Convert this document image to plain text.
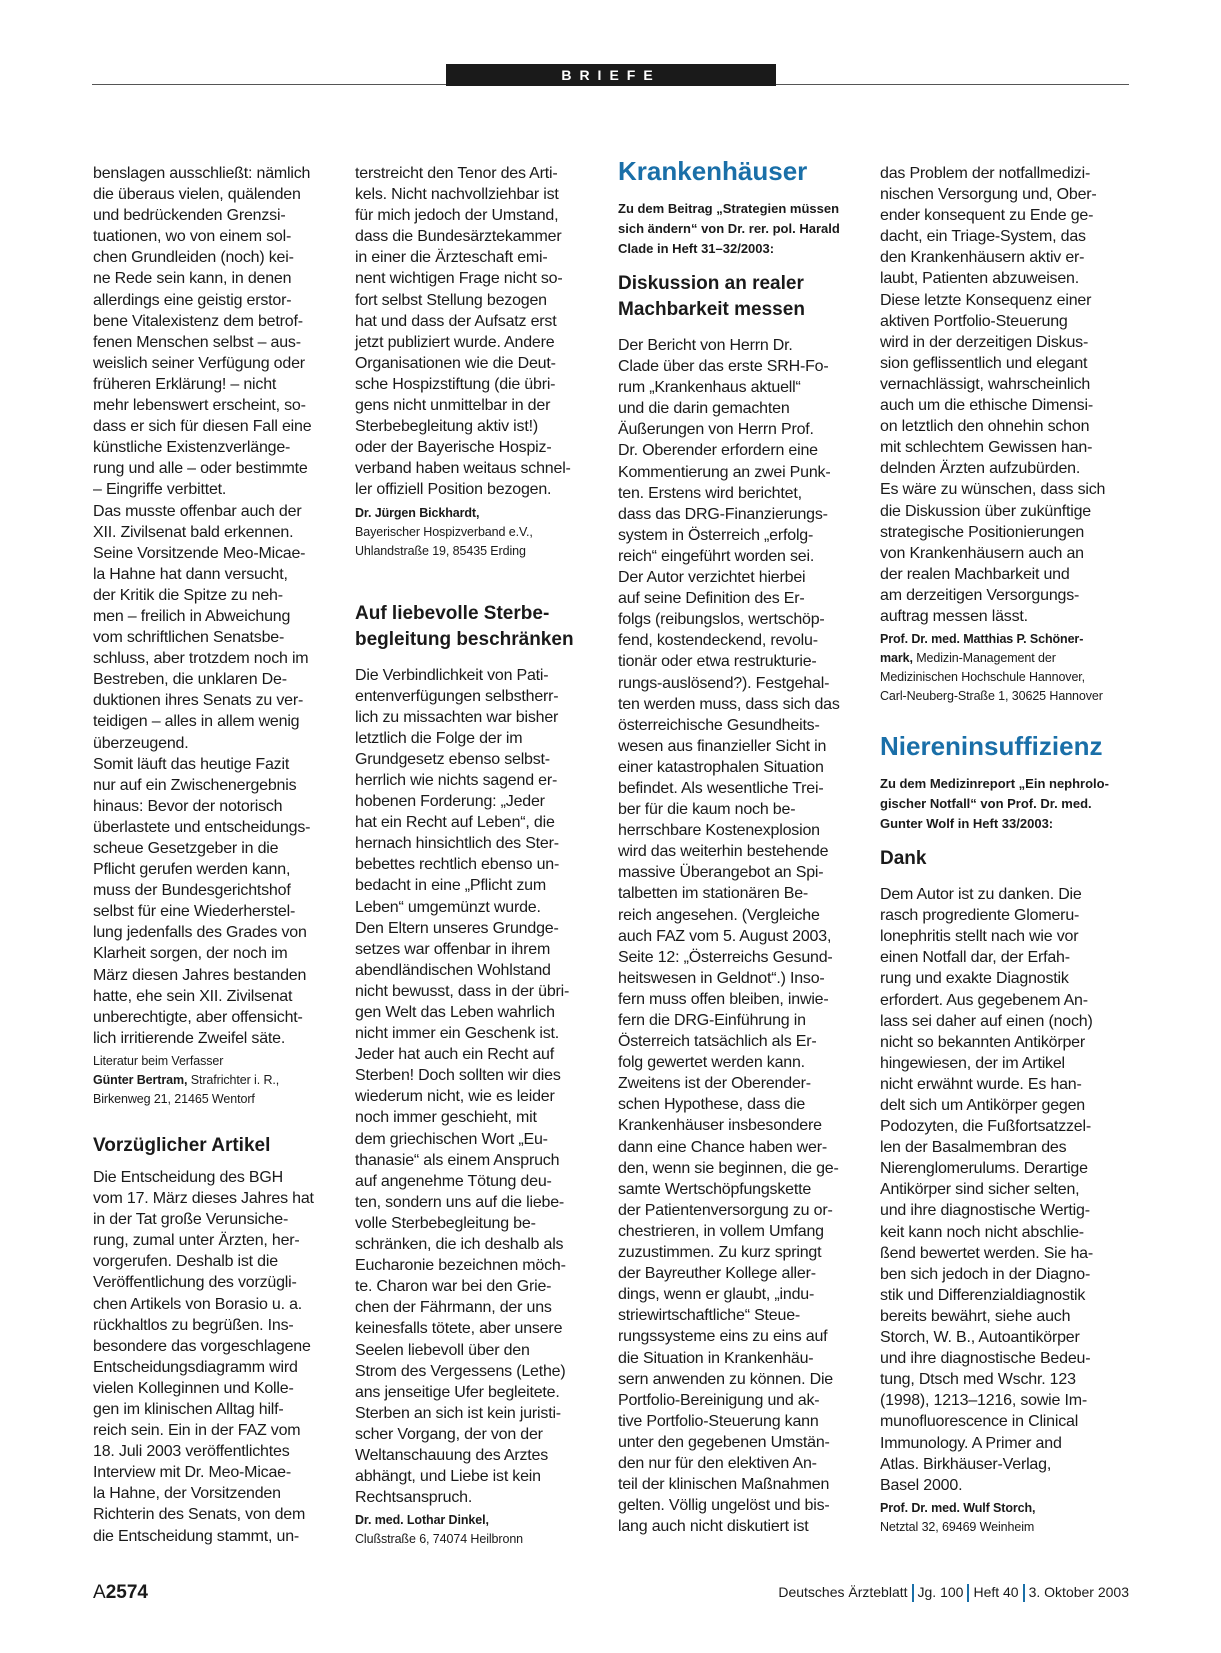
BRIEFE
benslagen ausschließt: nämlich
die überaus vielen, quälenden
und bedrückenden Grenzsi-
tuationen, wo von einem sol-
chen Grundleiden (noch) kei-
ne Rede sein kann, in denen
allerdings eine geistig erstor-
bene Vitalexistenz dem betrof-
fenen Menschen selbst – aus-
weislich seiner Verfügung oder
früheren Erklärung! – nicht
mehr lebenswert erscheint, so-
dass er sich für diesen Fall eine
künstliche Existenzverlänge-
rung und alle – oder bestimmte
– Eingriffe verbittet.
Das musste offenbar auch der
XII. Zivilsenat bald erkennen.
Seine Vorsitzende Meo-Micae-
la Hahne hat dann versucht,
der Kritik die Spitze zu neh-
men – freilich in Abweichung
vom schriftlichen Senatsbe-
schluss, aber trotzdem noch im
Bestreben, die unklaren De-
duktionen ihres Senats zu ver-
teidigen – alles in allem wenig
überzeugend.
Somit läuft das heutige Fazit
nur auf ein Zwischenergebnis
hinaus: Bevor der notorisch
überlastete und entscheidungs-
scheue Gesetzgeber in die
Pflicht gerufen werden kann,
muss der Bundesgerichtshof
selbst für eine Wiederherstel-
lung jedenfalls des Grades von
Klarheit sorgen, der noch im
März diesen Jahres bestanden
hatte, ehe sein XII. Zivilsenat
unberechtigte, aber offensicht-
lich irritierende Zweifel säte.
Literatur beim Verfasser
Günter Bertram, Strafrichter i. R.,
Birkenweg 21, 21465 Wentorf
Vorzüglicher Artikel
Die Entscheidung des BGH
vom 17. März dieses Jahres hat
in der Tat große Verunsiche-
rung, zumal unter Ärzten, her-
vorgerufen. Deshalb ist die
Veröffentlichung des vorzügli-
chen Artikels von Borasio u. a.
rückhaltlos zu begrüßen. Ins-
besondere das vorgeschlagene
Entscheidungsdiagramm wird
vielen Kolleginnen und Kolle-
gen im klinischen Alltag hilf-
reich sein. Ein in der FAZ vom
18. Juli 2003 veröffentlichtes
Interview mit Dr. Meo-Micae-
la Hahne, der Vorsitzenden
Richterin des Senats, von dem
die Entscheidung stammt, un-
terstreicht den Tenor des Arti-
kels. Nicht nachvollziehbar ist
für mich jedoch der Umstand,
dass die Bundesärztekammer
in einer die Ärzteschaft emi-
nent wichtigen Frage nicht so-
fort selbst Stellung bezogen
hat und dass der Aufsatz erst
jetzt publiziert wurde. Andere
Organisationen wie die Deut-
sche Hospizstiftung (die übri-
gens nicht unmittelbar in der
Sterbebegleitung aktiv ist!)
oder der Bayerische Hospiz-
verband haben weitaus schnel-
ler offiziell Position bezogen.
Dr. Jürgen Bickhardt,
Bayerischer Hospizverband e.V.,
Uhlandstraße 19, 85435 Erding
Auf liebevolle Sterbe-
begleitung beschränken
Die Verbindlichkeit von Pati-
entenverfügungen selbstherr-
lich zu missachten war bisher
letztlich die Folge der im
Grundgesetz ebenso selbst-
herrlich wie nichts sagend er-
hobenen Forderung: „Jeder
hat ein Recht auf Leben“, die
hernach hinsichtlich des Ster-
bebettes rechtlich ebenso un-
bedacht in eine „Pflicht zum
Leben“ umgemünzt wurde.
Den Eltern unseres Grundge-
setzes war offenbar in ihrem
abendländischen Wohlstand
nicht bewusst, dass in der übri-
gen Welt das Leben wahrlich
nicht immer ein Geschenk ist.
Jeder hat auch ein Recht auf
Sterben! Doch sollten wir dies
wiederum nicht, wie es leider
noch immer geschieht, mit
dem griechischen Wort „Eu-
thanasie“ als einem Anspruch
auf angenehme Tötung deu-
ten, sondern uns auf die liebe-
volle Sterbebegleitung be-
schränken, die ich deshalb als
Eucharonie bezeichnen möch-
te. Charon war bei den Grie-
chen der Fährmann, der uns
keinesfalls tötete, aber unsere
Seelen liebevoll über den
Strom des Vergessens (Lethe)
ans jenseitige Ufer begleitete.
Sterben an sich ist kein juristi-
scher Vorgang, der von der
Weltanschauung des Arztes
abhängt, und Liebe ist kein
Rechtsanspruch.
Dr. med. Lothar Dinkel,
Clußstraße 6, 74074 Heilbronn
Krankenhäuser
Zu dem Beitrag „Strategien müssen
sich ändern“ von Dr. rer. pol. Harald
Clade in Heft 31–32/2003:
Diskussion an realer
Machbarkeit messen
Der Bericht von Herrn Dr.
Clade über das erste SRH-Fo-
rum „Krankenhaus aktuell“
und die darin gemachten
Äußerungen von Herrn Prof.
Dr. Oberender erfordern eine
Kommentierung an zwei Punk-
ten. Erstens wird berichtet,
dass das DRG-Finanzierungs-
system in Österreich „erfolg-
reich“ eingeführt worden sei.
Der Autor verzichtet hierbei
auf seine Definition des Er-
folgs (reibungslos, wertschöp-
fend, kostendeckend, revolu-
tionär oder etwa restrukturie-
rungs-auslösend?). Festgehal-
ten werden muss, dass sich das
österreichische Gesundheits-
wesen aus finanzieller Sicht in
einer katastrophalen Situation
befindet. Als wesentliche Trei-
ber für die kaum noch be-
herrschbare Kostenexplosion
wird das weiterhin bestehende
massive Überangebot an Spi-
talbetten im stationären Be-
reich angesehen. (Vergleiche
auch FAZ vom 5. August 2003,
Seite 12: „Österreichs Gesund-
heitswesen in Geldnot“.) Inso-
fern muss offen bleiben, inwie-
fern die DRG-Einführung in
Österreich tatsächlich als Er-
folg gewertet werden kann.
Zweitens ist der Oberender-
schen Hypothese, dass die
Krankenhäuser insbesondere
dann eine Chance haben wer-
den, wenn sie beginnen, die ge-
samte Wertschöpfungskette
der Patientenversorgung zu or-
chestrieren, in vollem Umfang
zuzustimmen. Zu kurz springt
der Bayreuther Kollege aller-
dings, wenn er glaubt, „indu-
striewirtschaftliche“ Steue-
rungssysteme eins zu eins auf
die Situation in Krankenhäu-
sern anwenden zu können. Die
Portfolio-Bereinigung und ak-
tive Portfolio-Steuerung kann
unter den gegebenen Umstän-
den nur für den elektiven An-
teil der klinischen Maßnahmen
gelten. Völlig ungelöst und bis-
lang auch nicht diskutiert ist
das Problem der notfallmedizi-
nischen Versorgung und, Ober-
ender konsequent zu Ende ge-
dacht, ein Triage-System, das
den Krankenhäusern aktiv er-
laubt, Patienten abzuweisen.
Diese letzte Konsequenz einer
aktiven Portfolio-Steuerung
wird in der derzeitigen Diskus-
sion geflissentlich und elegant
vernachlässigt, wahrscheinlich
auch um die ethische Dimensi-
on letztlich den ohnehin schon
mit schlechtem Gewissen han-
delnden Ärzten aufzubürden.
Es wäre zu wünschen, dass sich
die Diskussion über zukünftige
strategische Positionierungen
von Krankenhäusern auch an
der realen Machbarkeit und
am derzeitigen Versorgungs-
auftrag messen lässt.
Prof. Dr. med. Matthias P. Schöner-
mark, Medizin-Management der
Medizinischen Hochschule Hannover,
Carl-Neuberg-Straße 1, 30625 Hannover
Niereninsuffizienz
Zu dem Medizinreport „Ein nephrolo-
gischer Notfall“ von Prof. Dr. med.
Gunter Wolf in Heft 33/2003:
Dank
Dem Autor ist zu danken. Die
rasch progrediente Glomeru-
lonephritis stellt nach wie vor
einen Notfall dar, der Erfah-
rung und exakte Diagnostik
erfordert. Aus gegebenem An-
lass sei daher auf einen (noch)
nicht so bekannten Antikörper
hingewiesen, der im Artikel
nicht erwähnt wurde. Es han-
delt sich um Antikörper gegen
Podozyten, die Fußfortsatzzel-
len der Basalmembran des
Nierenglomerulums. Derartige
Antikörper sind sicher selten,
und ihre diagnostische Wertig-
keit kann noch nicht abschlie-
ßend bewertet werden. Sie ha-
ben sich jedoch in der Diagno-
stik und Differenzialdiagnostik
bereits bewährt, siehe auch
Storch, W. B., Autoantikörper
und ihre diagnostische Bedeu-
tung, Dtsch med Wschr. 123
(1998), 1213–1216, sowie Im-
munofluorescence in Clinical
Immunology. A Primer and
Atlas. Birkhäuser-Verlag,
Basel 2000.
Prof. Dr. med. Wulf Storch,
Netztal 32, 69469 Weinheim
A2574	Deutsches Ärzteblatt Jg. 100 Heft 40 3. Oktober 2003
